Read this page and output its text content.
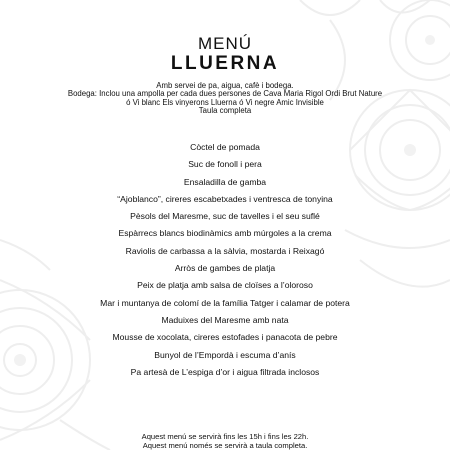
MENÚ
LLUERNA
Amb servei de pa, aigua, cafè i bodega.
Bodega: Inclou una ampolla per cada dues persones de Cava Maria Rigol Ordi Brut Nature
ó Vi blanc Els vinyerons Lluerna ó Vi negre Amic Invisible
Taula completa
Còctel de pomada
Suc de fonoll i pera
Ensaladilla de gamba
“Ajoblanco”, cireres escabetxades i ventresca de tonyina
Pèsols del Maresme, suc de tavelles i el seu suflé
Espàrrecs blancs biodinàmics amb múrgoles a la crema
Raviolis de carbassa a la sàlvia, mostarda i Reixagó
Arròs de gambes de platja
Peix de platja amb salsa de cloïses a l’oloroso
Mar i muntanya de colomí de la família Tatger i calamar de potera
Maduixes del Maresme amb nata
Mousse de xocolata, cireres estofades i panacota de pebre
Bunyol de l’Empordà i escuma d’anís
Pa artesà de L’espiga d’or i aigua filtrada inclosos
Aquest menú se servirà fins les 15h i fins les 22h.
Aquest menú només se servirà a taula completa.
